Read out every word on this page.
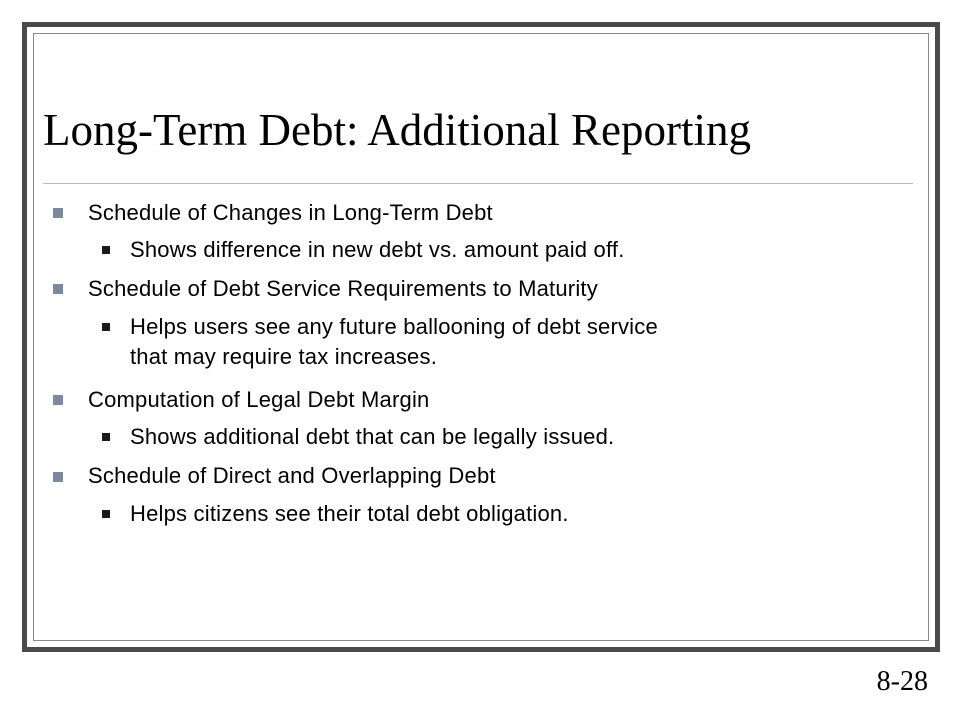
Long-Term Debt: Additional Reporting
Schedule of Changes in Long-Term Debt
Shows difference in new debt vs. amount paid off.
Schedule of Debt Service Requirements to Maturity
Helps users see any future ballooning of debt service
that may require tax increases.
Computation of Legal Debt Margin
Shows additional debt that can be legally issued.
Schedule of Direct and Overlapping Debt
Helps citizens see their total debt obligation.
8-28
